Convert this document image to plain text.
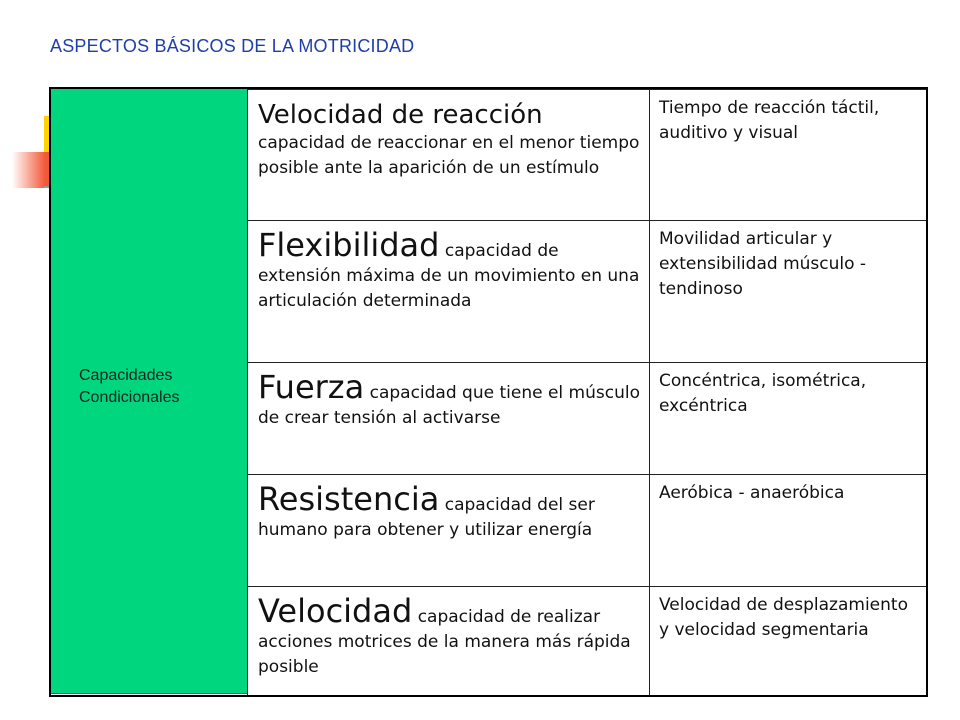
ASPECTOS BÁSICOS DE LA MOTRICIDAD
Capacidades Condicionales
Velocidad de reacción
capacidad de reaccionar en el menor tiempo posible ante la aparición de un estímulo
Tiempo de reacción táctil, auditivo y visual
Flexibilidad capacidad de extensión máxima de un movimiento en una articulación determinada
Movilidad articular y extensibilidad músculo - tendinoso
Fuerza capacidad que tiene el músculo de crear tensión al activarse
Concéntrica, isométrica, excéntrica
Resistencia capacidad del ser humano para obtener y utilizar energía
Aeróbica - anaeróbica
Velocidad capacidad de realizar acciones motrices de la manera más rápida posible
Velocidad de desplazamiento y velocidad segmentaria
